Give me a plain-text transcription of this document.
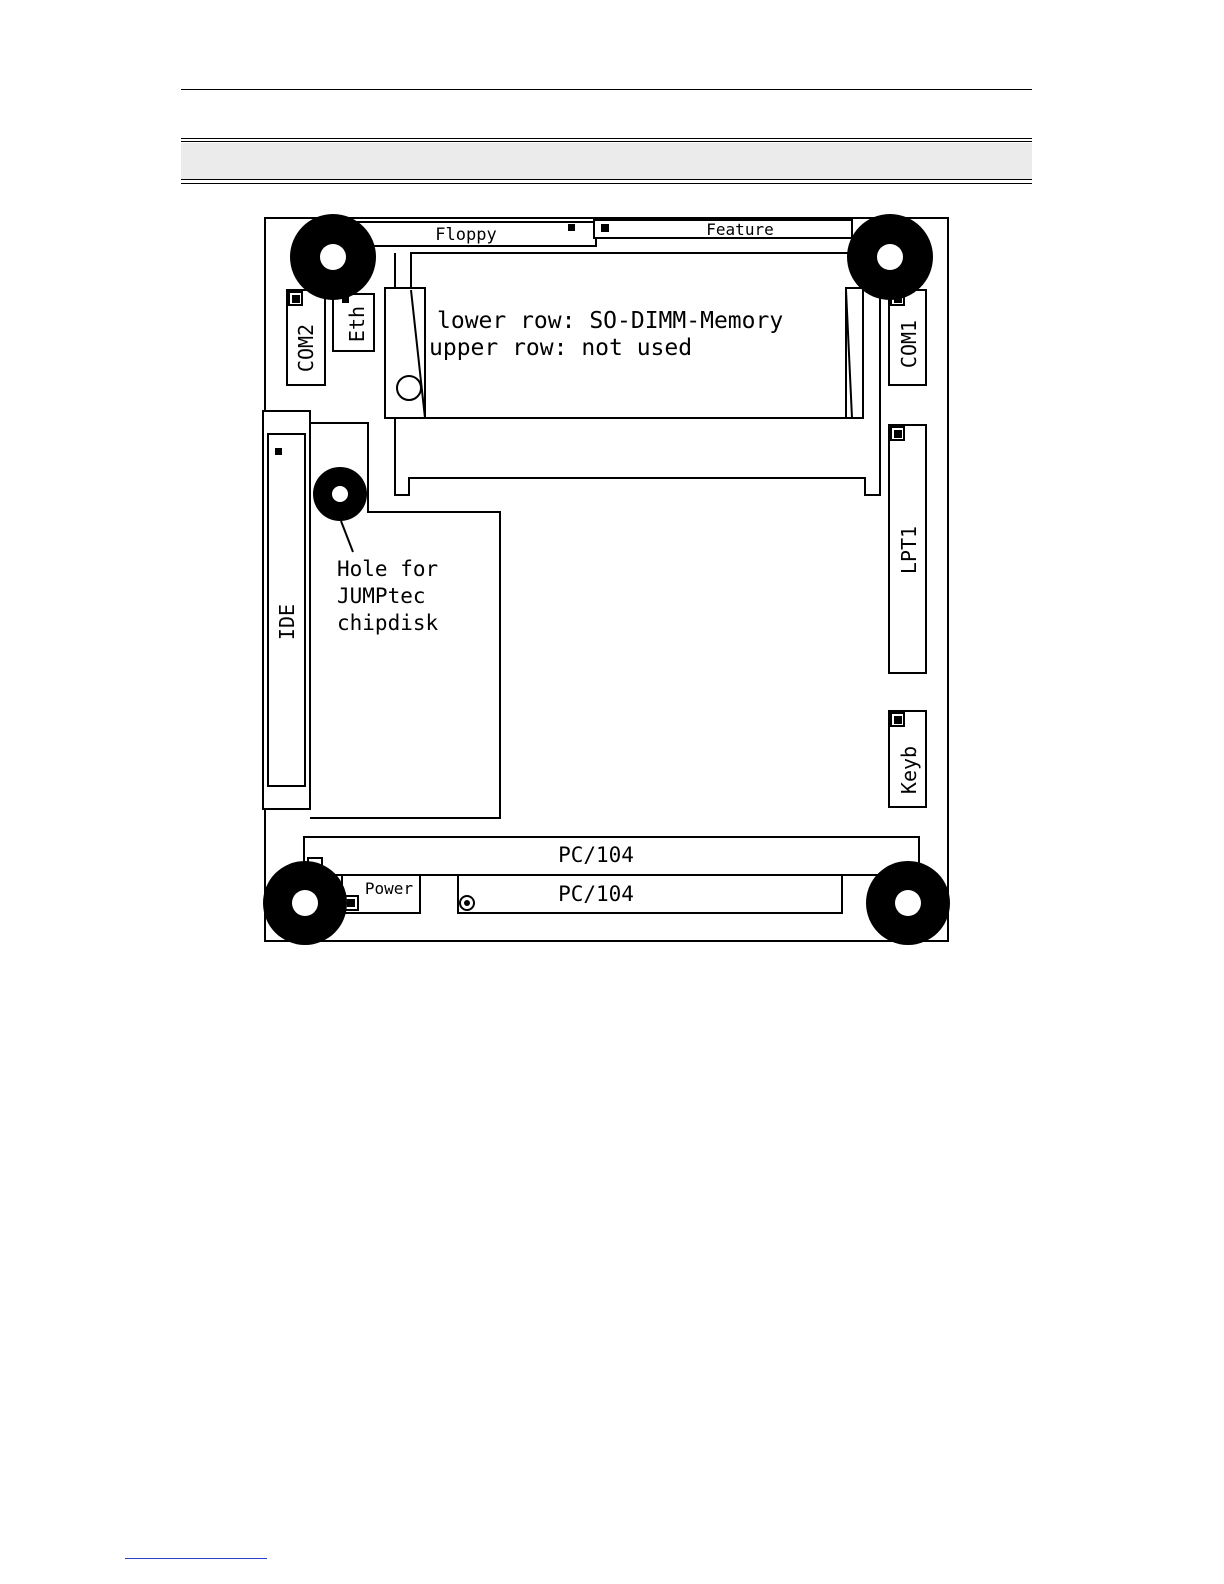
Floppy	Feature
lower row: SO-DIMM-Memory
upper row: not used
COM2 Eth	COM1
LPT1
Keyb
IDE
Hole for
JUMPtec
chipdisk
PC/104
PC/104
Power
